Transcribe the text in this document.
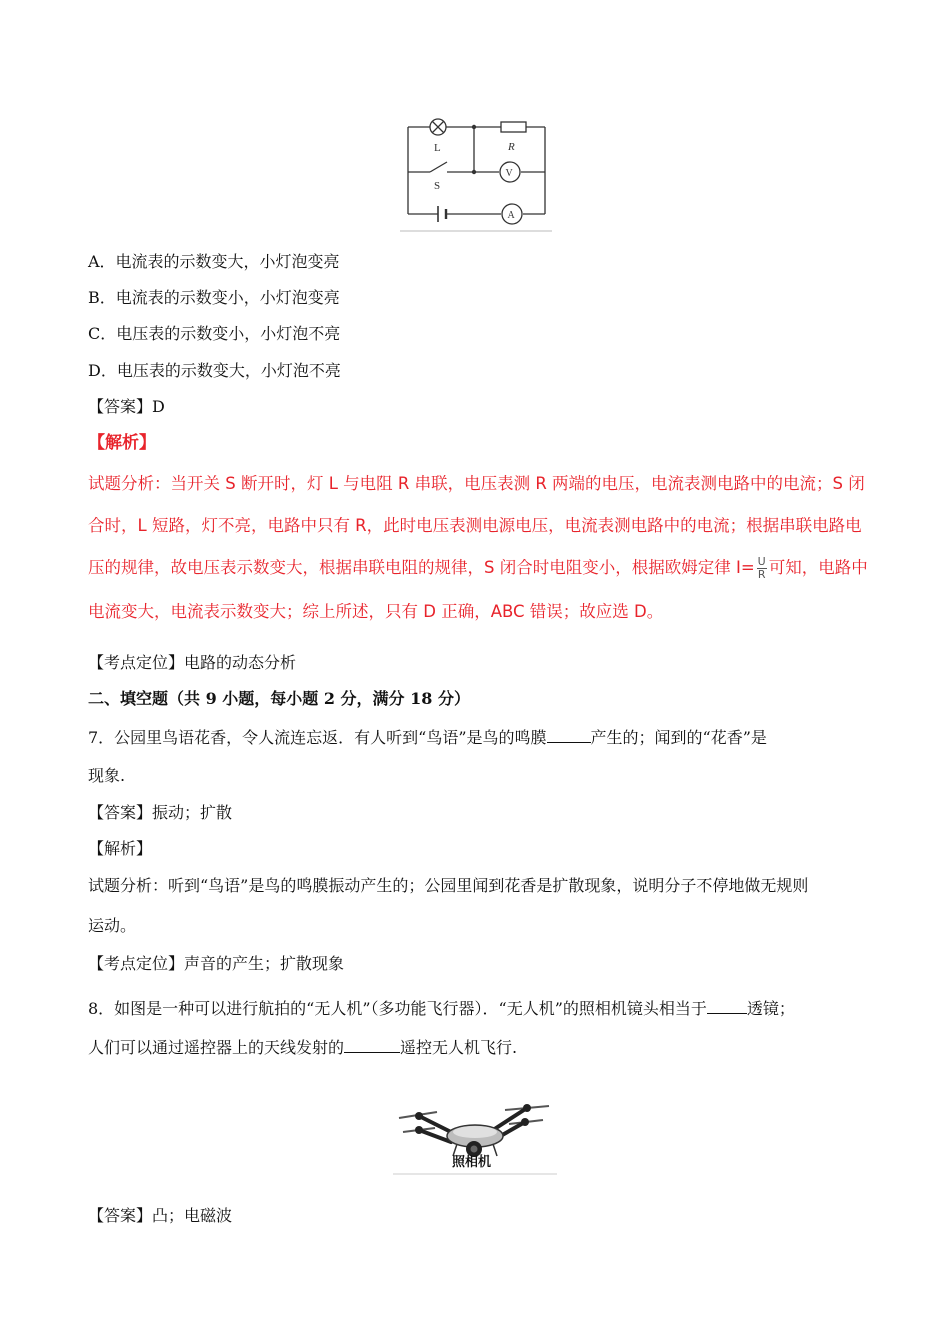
L	R
S
V
A
A．电流表的示数变大，小灯泡变亮
B．电流表的示数变小，小灯泡变亮
C．电压表的示数变小，小灯泡不亮
D．电压表的示数变大，小灯泡不亮
【答案】D
【解析】
试题分析：当开关 S 断开时，灯 L 与电阻 R 串联，电压表测 R 两端的电压，电流表测电路中的电流；S 闭
合时，L 短路，灯不亮，电路中只有 R，此时电压表测电源电压，电流表测电路中的电流；根据串联电路电
压的规律，故电压表示数变大，根据串联电阻的规律，S 闭合时电阻变小，根据欧姆定律 $I= \frac{U}{R}$ 可知，电路中
电流变大，电流表示数变大；综上所述，只有 D 正确，ABC 错误；故应选 D。
【考点定位】电路的动态分析
二、填空题（共 9 小题，每小题 2 分，满分 18 分）
7．公园里鸟语花香，令人流连忘返．有人听到“鸟语”是鸟的鸣膜	产生的；闻到的“花香”是
现象.
【答案】振动；扩散
【解析】
试题分析：听到“鸟语”是鸟的鸣膜振动产生的；公园里闻到花香是扩散现象，说明分子不停地做无规则
运动。
【考点定位】声音的产生；扩散现象
8．如图是一种可以进行航拍的“无人机”（多功能飞行器）．“无人机”的照相机镜头相当于	透镜；
人们可以通过遥控器上的天线发射的	遥控无人机飞行.
照相机
【答案】凸；电磁波
